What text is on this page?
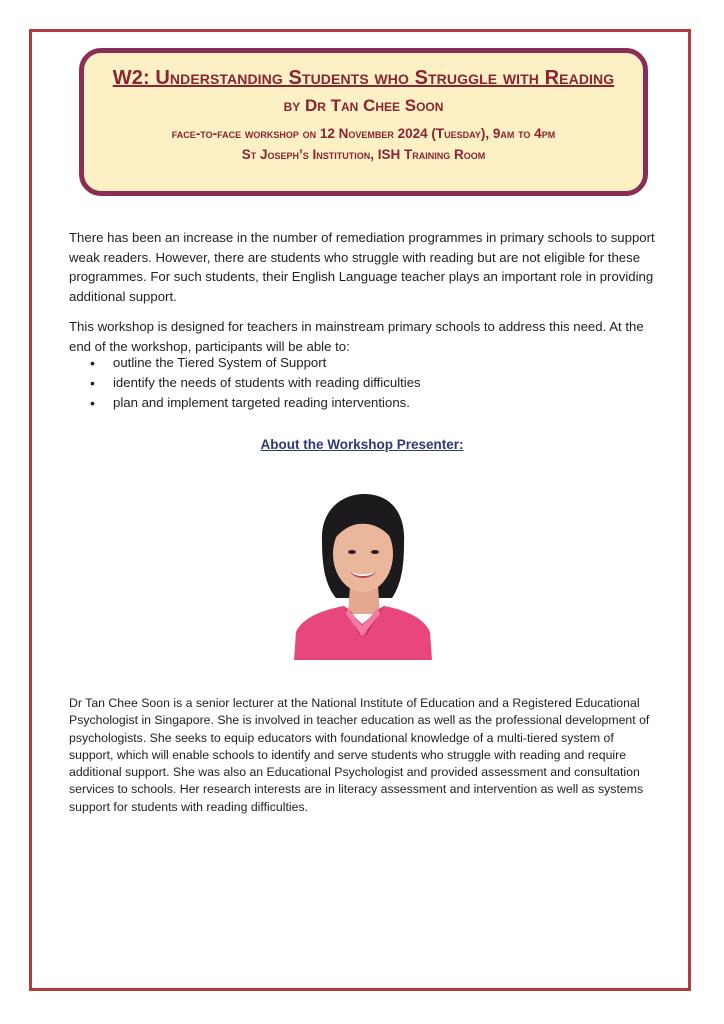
W2: Understanding Students who Struggle with Reading
by Dr Tan Chee Soon
face-to-face workshop on 12 November 2024 (Tuesday), 9am to 4pm
St Joseph’s Institution, ISH Training Room
There has been an increase in the number of remediation programmes in primary schools to support weak readers. However, there are students who struggle with reading but are not eligible for these programmes. For such students, their English Language teacher plays an important role in providing additional support.
This workshop is designed for teachers in mainstream primary schools to address this need. At the end of the workshop, participants will be able to:
• outline the Tiered System of Support
• identify the needs of students with reading difficulties
• plan and implement targeted reading interventions.
About the Workshop Presenter:
Dr Tan Chee Soon is a senior lecturer at the National Institute of Education and a Registered Educational Psychologist in Singapore. She is involved in teacher education as well as the professional development of psychologists. She seeks to equip educators with foundational knowledge of a multi-tiered system of support, which will enable schools to identify and serve students who struggle with reading and require additional support. She was also an Educational Psychologist and provided assessment and consultation services to schools. Her research interests are in literacy assessment and intervention as well as systems support for students with reading difficulties.
